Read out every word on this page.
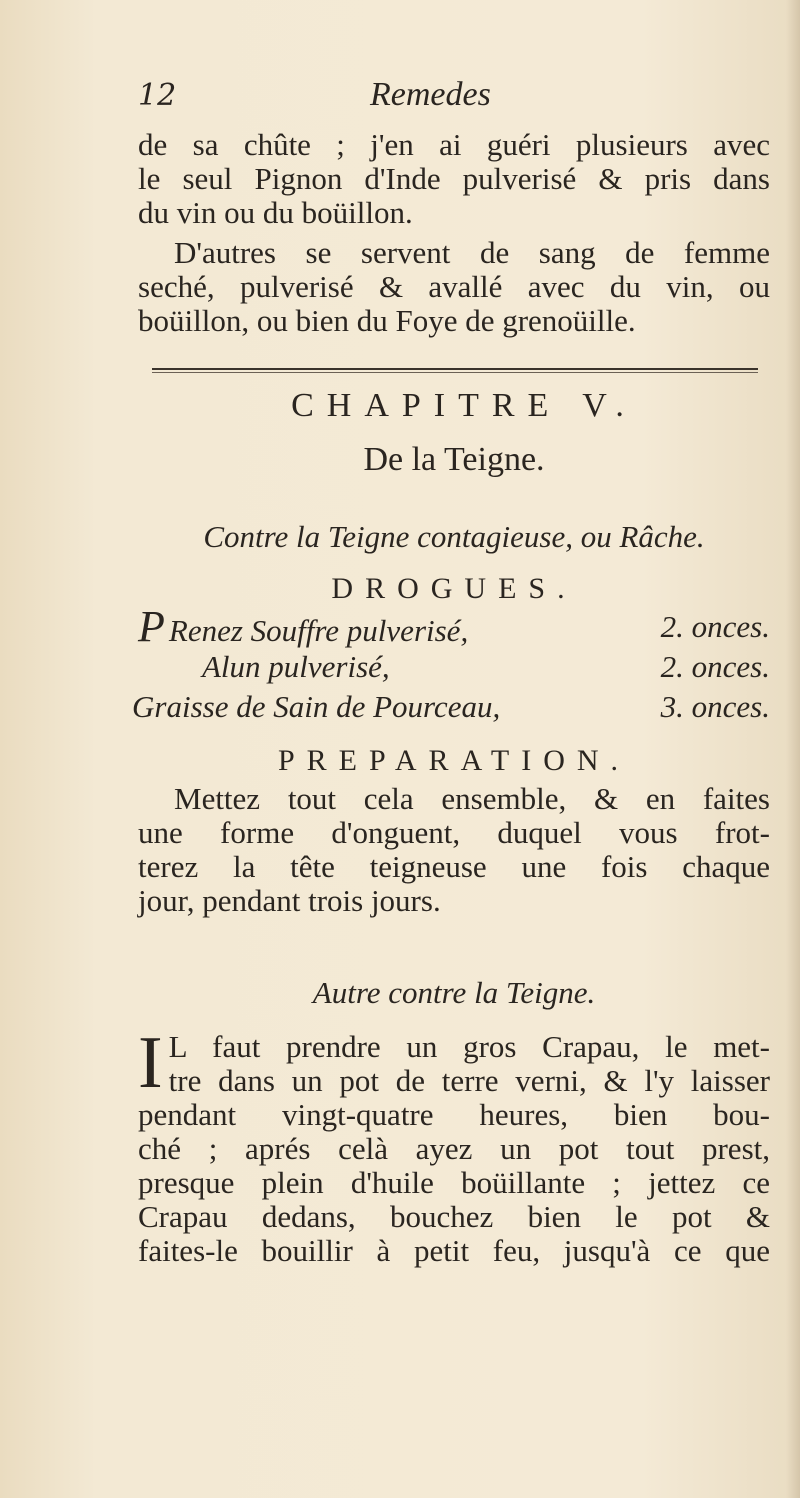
12	Remedes
de sa chûte ; j'en ai guéri plusieurs avec
le seul Pignon d'Inde pulverisé & pris dans
du vin ou du boüillon.
D'autres se servent de sang de femme
seché, pulverisé & avallé avec du vin, ou
boüillon, ou bien du Foye de grenoüille.
CHAPITRE V.
De la Teigne.
Contre la Teigne contagieuse, ou Râche.
DROGUES.
P Renez Souffre pulverisé,	2. onces.
Alun pulverisé,	2. onces.
Graisse de Sain de Pourceau,	3. onces.
PREPARATION.
Mettez tout cela ensemble, & en faites
une forme d'onguent, duquel vous frot-
terez la tête teigneuse une fois chaque
jour, pendant trois jours.
Autre contre la Teigne.
I L faut prendre un gros Crapau, le met-
tre dans un pot de terre verni, & l'y laisser
pendant vingt-quatre heures, bien bou-
ché ; aprés celà ayez un pot tout prest,
presque plein d'huile boüillante ; jettez ce
Crapau dedans, bouchez bien le pot &
faites-le bouillir à petit feu, jusqu'à ce que
